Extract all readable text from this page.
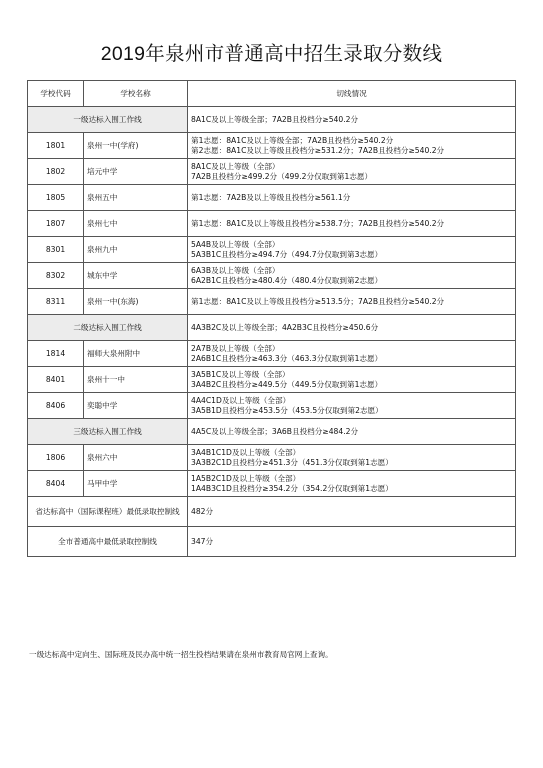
2019年泉州市普通高中招生录取分数线
学校代码	学校名称	切线情况
一级达标入围工作线		8A1C及以上等级全部；7A2B且投档分≥540.2分
1801	泉州一中(学府)	第1志愿：8A1C及以上等级全部；7A2B且投档分≥540.2分
第2志愿：8A1C及以上等级且投档分≥531.2分；7A2B且投档分≥540.2分

1802	培元中学	8A1C及以上等级（全部）
7A2B且投档分≥499.2分（499.2分仅取到第1志愿）

1805	泉州五中	第1志愿：7A2B及以上等级且投档分≥561.1分

1807	泉州七中	第1志愿：8A1C及以上等级且投档分≥538.7分；7A2B且投档分≥540.2分

8301	泉州九中	5A4B及以上等级（全部）
5A3B1C且投档分≥494.7分（494.7分仅取到第3志愿）

8302	城东中学	6A3B及以上等级（全部）
6A2B1C且投档分≥480.4分（480.4分仅取到第2志愿）

8311	泉州一中(东海)	第1志愿：8A1C及以上等级且投档分≥513.5分；7A2B且投档分≥540.2分

二级达标入围工作线		4A3B2C及以上等级全部；4A2B3C且投档分≥450.6分
1814	福师大泉州附中	2A7B及以上等级（全部）
2A6B1C且投档分≥463.3分（463.3分仅取到第1志愿）

8401	泉州十一中	3A5B1C及以上等级（全部）
3A4B2C且投档分≥449.5分（449.5分仅取到第1志愿）

8406	奕聪中学	4A4C1D及以上等级（全部）
3A5B1D且投档分≥453.5分（453.5分仅取到第2志愿）

三级达标入围工作线		4A5C及以上等级全部；3A6B且投档分≥484.2分
1806	泉州六中	3A4B1C1D及以上等级（全部）
3A3B2C1D且投档分≥451.3分（451.3分仅取到第1志愿）

8404	马甲中学	1A5B2C1D及以上等级（全部）
1A4B3C1D且投档分≥354.2分（354.2分仅取到第1志愿）

省达标高中（国际课程班）最低录取控制线		482分
全市普通高中最低录取控制线		347分
一级达标高中定向生、国际班及民办高中统一招生投档结果请在泉州市教育局官网上查询。
